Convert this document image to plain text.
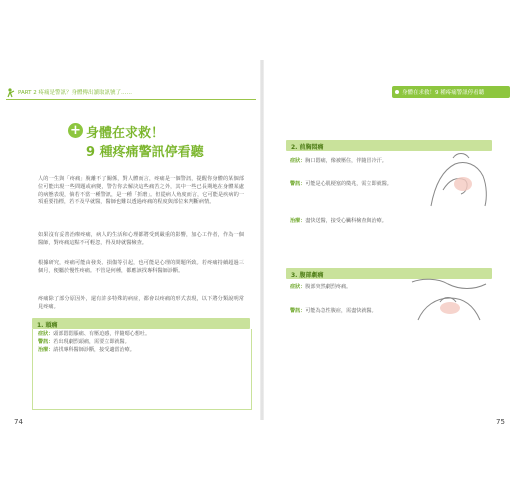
PART 2 疼痛是警訊？身體傳出讀取訊號了……	身體在求救！9 種疼痛警訊停看聽
+ 身體在求救！
9 種疼痛警訊停看聽
人的一生與「疼痛」脫離不了關係，對人體而言，疼痛是一個警訊，提醒你身體的某個部位可能出現一些問題或病變，警告你去解決這些痛苦之外，其中一些已長期地在身體某處的病態表現，倘若不當一種警訊，是一種「折磨」。但從病人角度而言，它可能是疾病的一項重要指標，若不及早就醫，醫師也難以透過疼痛的程度與部位來判斷病情。
如果沒有妥善治療疼痛，病人的生活和心理都將受到嚴重的影響，加心工作者，作為一個醫師，對疼痛這點不可輕忽，得及時就醫檢查。
根據研究，疼痛可能由發炎、損傷等引起，也可能是心理的問題所致。若疼痛持續超過三個月，便屬於慢性疼痛。不管是何種，都應該找專科醫師診斷。
疼痛除了部分原因外，還有許多特殊的病症，都會以疼痛的形式表現，以下將分類說明常見疼痛。
1. 頭痛
症狀：頭部悶悶脹痛、有壓迫感，伴隨噁心想吐。
警訊：若出現劇烈頭痛，需要立即就醫。
治療：請找專科醫師診斷，接受適當治療。
2. 前胸悶痛
症狀：胸口悶痛，像被壓住，伴隨冒冷汗。
警訊：可能是心肌梗塞的徵兆，需立即就醫。
治療：盡快送醫，接受心臟科檢查與治療。
3. 腹部劇痛
症狀：腹部突然劇烈疼痛。
警訊：可能為急性腹症，需盡快就醫。
74	75
